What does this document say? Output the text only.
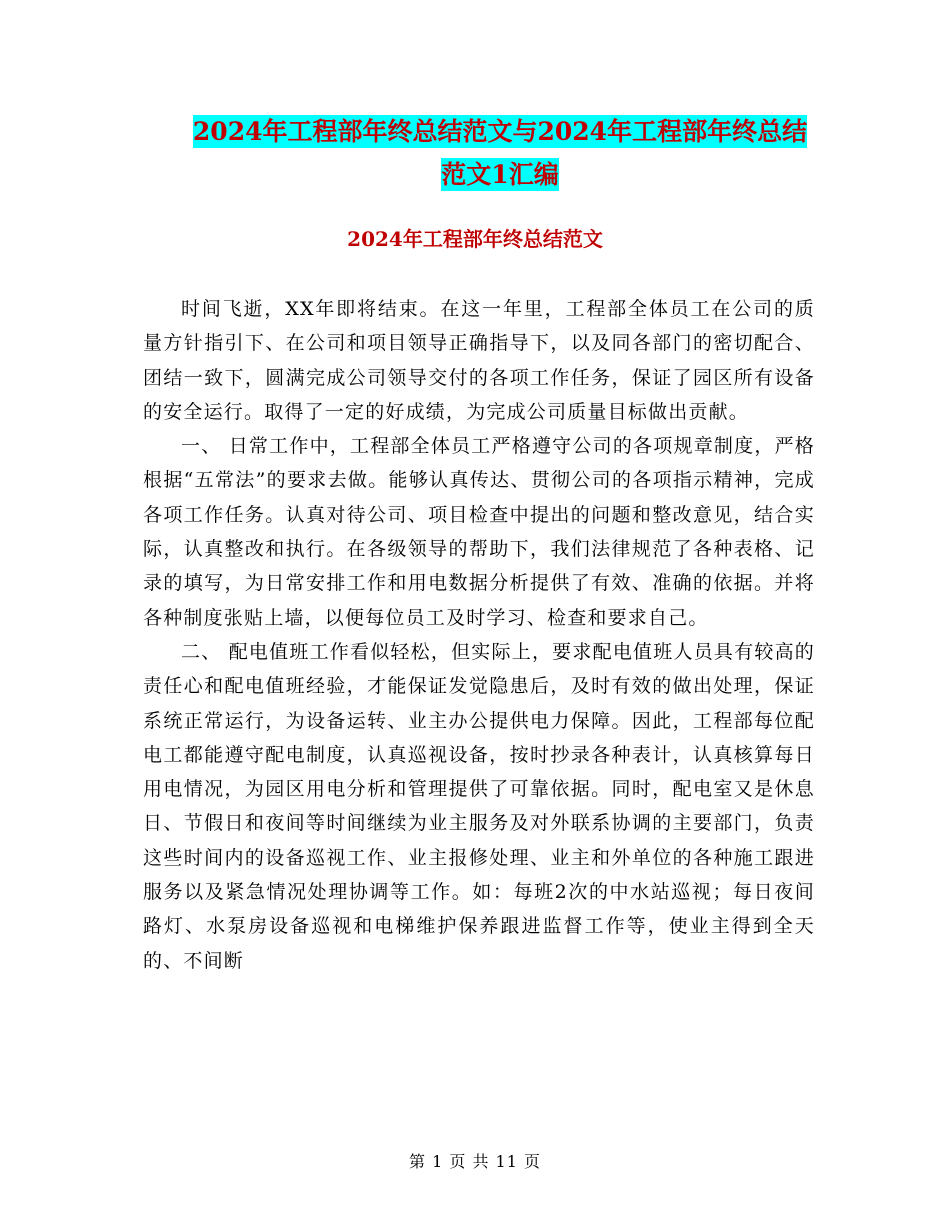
2024年工程部年终总结范文与2024年工程部年终总结
范文1汇编
2024年工程部年终总结范文

时间飞逝，XX年即将结束。在这一年里，工程部全体员工在公司的质量方针指引下、在公司和项目领导正确指导下，以及同各部门的密切配合、团结一致下，圆满完成公司领导交付的各项工作任务，保证了园区所有设备的安全运行。取得了一定的好成绩，为完成公司质量目标做出贡献。

一、 日常工作中，工程部全体员工严格遵守公司的各项规章制度，严格根据“五常法”的要求去做。能够认真传达、贯彻公司的各项指示精神，完成各项工作任务。认真对待公司、项目检查中提出的问题和整改意见，结合实际，认真整改和执行。在各级领导的帮助下，我们法律规范了各种表格、记录的填写，为日常安排工作和用电数据分析提供了有效、准确的依据。并将各种制度张贴上墙，以便每位员工及时学习、检查和要求自己。

二、 配电值班工作看似轻松，但实际上，要求配电值班人员具有较高的责任心和配电值班经验，才能保证发觉隐患后，及时有效的做出处理，保证系统正常运行，为设备运转、业主办公提供电力保障。因此，工程部每位配电工都能遵守配电制度，认真巡视设备，按时抄录各种表计，认真核算每日用电情况，为园区用电分析和管理提供了可靠依据。同时，配电室又是休息日、节假日和夜间等时间继续为业主服务及对外联系协调的主要部门，负责这些时间内的设备巡视工作、业主报修处理、业主和外单位的各种施工跟进服务以及紧急情况处理协调等工作。如：每班2次的中水站巡视；每日夜间路灯、水泵房设备巡视和电梯维护保养跟进监督工作等，使业主得到全天的、不间断

第 1 页 共 11 页
